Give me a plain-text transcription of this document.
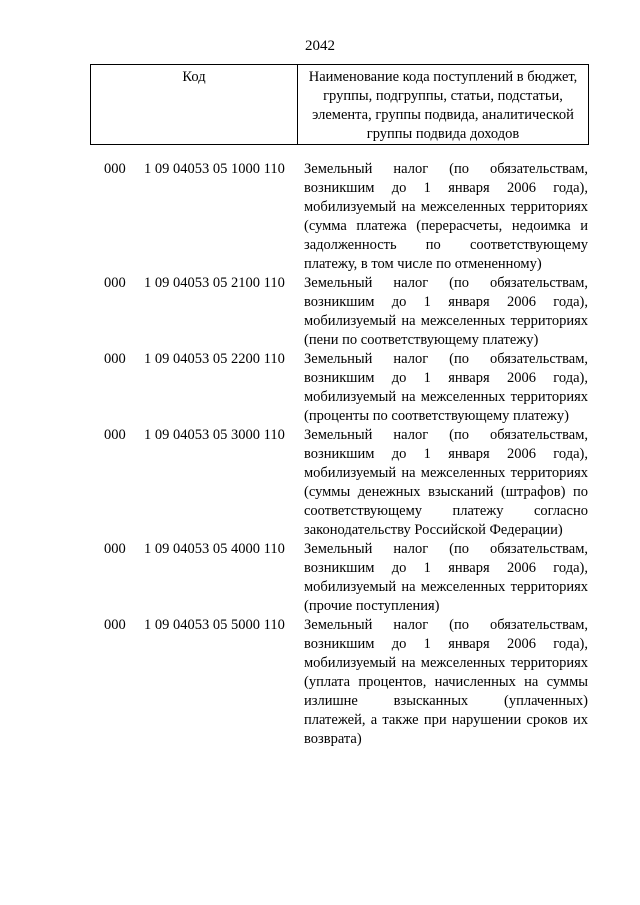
2042
Код	Наименование кода поступлений в бюджет, группы, подгруппы, статьи, подстатьи, элемента, группы подвида, аналитической группы подвида доходов
000	1 09 04053 05 1000 110	Земельный налог (по обязательствам, возникшим до 1 января 2006 года), мобилизуемый на межселенных территориях (сумма платежа (перерасчеты, недоимка и задолженность по соответствующему платежу, в том числе по отмененному)
000	1 09 04053 05 2100 110	Земельный налог (по обязательствам, возникшим до 1 января 2006 года), мобилизуемый на межселенных территориях (пени по соответствующему платежу)
000	1 09 04053 05 2200 110	Земельный налог (по обязательствам, возникшим до 1 января 2006 года), мобилизуемый на межселенных территориях (проценты по соответствующему платежу)
000	1 09 04053 05 3000 110	Земельный налог (по обязательствам, возникшим до 1 января 2006 года), мобилизуемый на межселенных территориях (суммы денежных взысканий (штрафов) по соответствующему платежу согласно законодательству Российской Федерации)
000	1 09 04053 05 4000 110	Земельный налог (по обязательствам, возникшим до 1 января 2006 года), мобилизуемый на межселенных территориях (прочие поступления)
000	1 09 04053 05 5000 110	Земельный налог (по обязательствам, возникшим до 1 января 2006 года), мобилизуемый на межселенных территориях (уплата процентов, начисленных на суммы излишне взысканных (уплаченных) платежей, а также при нарушении сроков их возврата)
